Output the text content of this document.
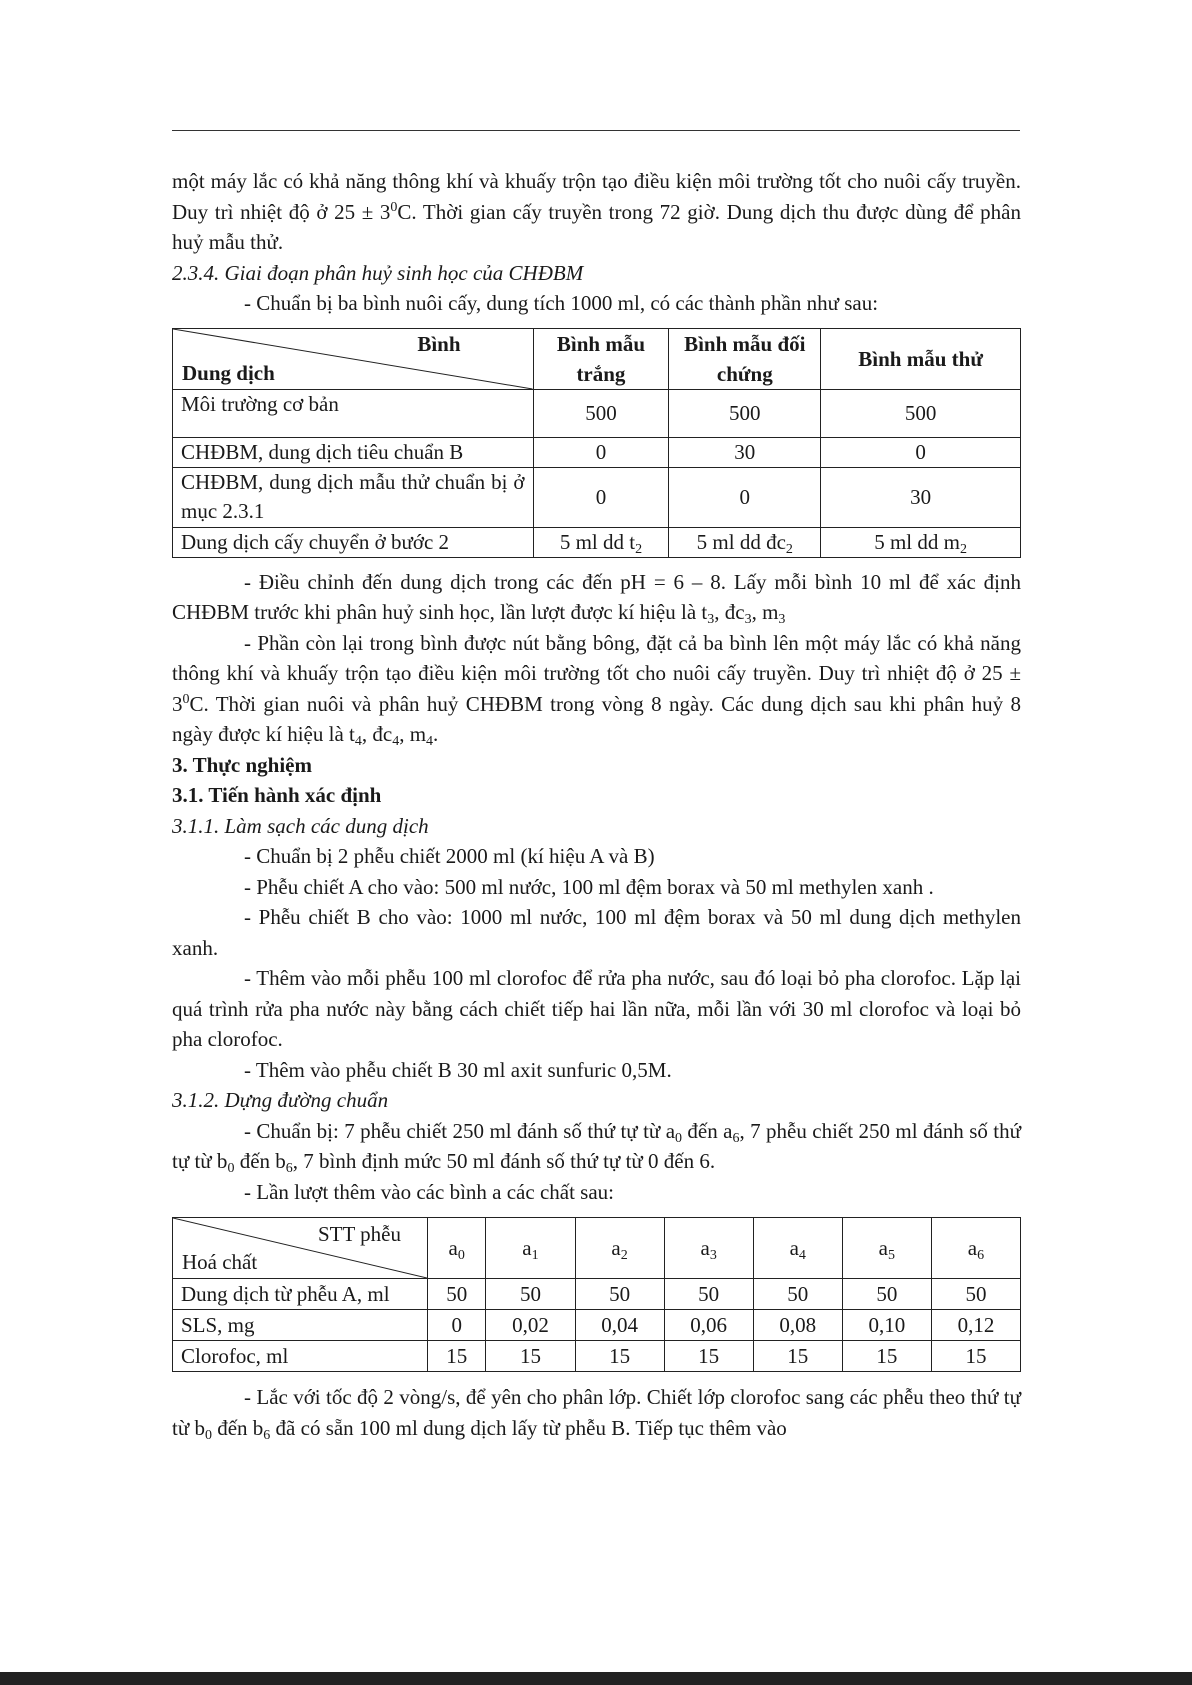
một máy lắc có khả năng thông khí và khuấy trộn tạo điều kiện môi trường tốt cho nuôi cấy truyền. Duy trì nhiệt độ ở $25 \pm 3^0C$. Thời gian cấy truyền trong 72 giờ. Dung dịch thu được dùng để phân huỷ mẫu thử.

2.3.4. Giai đoạn phân huỷ sinh học của CHĐBM

- Chuẩn bị ba bình nuôi cấy, dung tích 1000 ml, có các thành phần như sau:

Bình
Dung dịch	Bình mẫu trắng	Bình mẫu đối chứng	Bình mẫu thử
Môi trường cơ bản	500	500	500
CHĐBM, dung dịch tiêu chuẩn B	0	30	0
CHĐBM, dung dịch mẫu thử chuẩn bị ở mục 2.3.1	0	0	30
Dung dịch cấy chuyển ở bước 2	5 ml dd $t_2$	5 ml dd $đc_2$	5 ml dd $m_2$

- Điều chỉnh đến dung dịch trong các đến pH = 6 – 8. Lấy mỗi bình 10 ml để xác định CHĐBM trước khi phân huỷ sinh học, lần lượt được kí hiệu là $t_3$, $đc_3$, $m_3$

- Phần còn lại trong bình được nút bằng bông, đặt cả ba bình lên một máy lắc có khả năng thông khí và khuấy trộn tạo điều kiện môi trường tốt cho nuôi cấy truyền. Duy trì nhiệt độ ở $25 \pm 3^0C$. Thời gian nuôi và phân huỷ CHĐBM trong vòng 8 ngày. Các dung dịch sau khi phân huỷ 8 ngày được kí hiệu là $t_4$, $đc_4$, $m_4$.

3. Thực nghiệm

3.1. Tiến hành xác định

3.1.1. Làm sạch các dung dịch

- Chuẩn bị 2 phễu chiết 2000 ml (kí hiệu A và B)

- Phễu chiết A cho vào: 500 ml nước, 100 ml đệm borax và 50 ml methylen xanh .

- Phễu chiết B cho vào: 1000 ml nước, 100 ml đệm borax và 50 ml dung dịch methylen xanh.

- Thêm vào mỗi phễu 100 ml clorofoc để rửa pha nước, sau đó loại bỏ pha clorofoc. Lặp lại quá trình rửa pha nước này bằng cách chiết tiếp hai lần nữa, mỗi lần với 30 ml clorofoc và loại bỏ pha clorofoc.

- Thêm vào phễu chiết B 30 ml axit sunfuric 0,5M.

3.1.2. Dựng đường chuẩn

- Chuẩn bị: 7 phễu chiết 250 ml đánh số thứ tự từ $a_0$ đến $a_6$, 7 phễu chiết 250 ml đánh số thứ tự từ $b_0$ đến $b_6$, 7 bình định mức 50 ml đánh số thứ tự từ 0 đến 6.

- Lần lượt thêm vào các bình a các chất sau:

STT phễu
Hoá chất	$a_0$	$a_1$	$a_2$	$a_3$	$a_4$	$a_5$	$a_6$
Dung dịch từ phễu A, ml	50	50	50	50	50	50	50
SLS, mg	0	0,02	0,04	0,06	0,08	0,10	0,12
Clorofoc, ml	15	15	15	15	15	15	15

- Lắc với tốc độ 2 vòng/s, để yên cho phân lớp. Chiết lớp clorofoc sang các phễu theo thứ tự từ $b_0$ đến $b_6$ đã có sẵn 100 ml dung dịch lấy từ phễu B. Tiếp tục thêm vào
